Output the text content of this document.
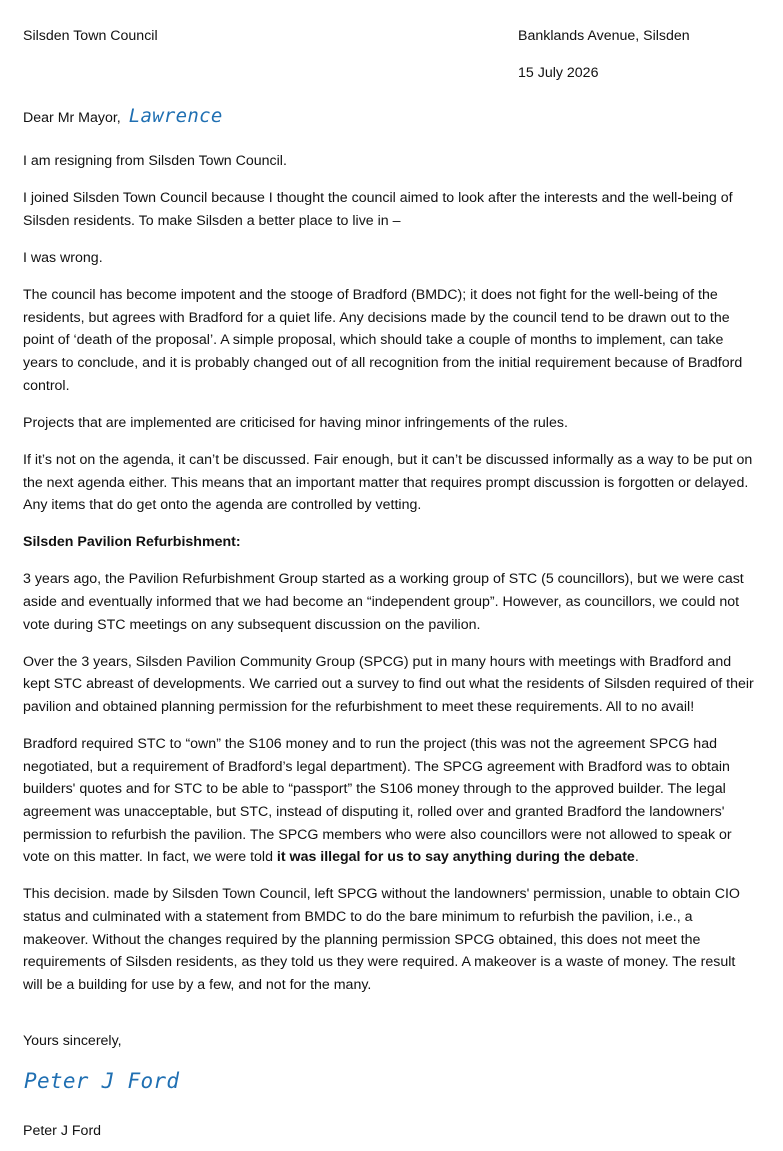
Silsden Town Council	Banklands Avenue, Silsden
15 July 2026
Dear Mr Mayor, Lawrence

I am resigning from Silsden Town Council.

I joined Silsden Town Council because I thought the council aimed to look after the interests and the well-being of Silsden residents. To make Silsden a better place to live in –

I was wrong.

The council has become impotent and the stooge of Bradford (BMDC); it does not fight for the well-being of the residents, but agrees with Bradford for a quiet life. Any decisions made by the council tend to be drawn out to the point of ‘death of the proposal’. A simple proposal, which should take a couple of months to implement, can take years to conclude, and it is probably changed out of all recognition from the initial requirement because of Bradford control.

Projects that are implemented are criticised for having minor infringements of the rules.

If it’s not on the agenda, it can’t be discussed. Fair enough, but it can’t be discussed informally as a way to be put on the next agenda either. This means that an important matter that requires prompt discussion is forgotten or delayed. Any items that do get onto the agenda are controlled by vetting.

Silsden Pavilion Refurbishment:

3 years ago, the Pavilion Refurbishment Group started as a working group of STC (5 councillors), but we were cast aside and eventually informed that we had become an “independent group”. However, as councillors, we could not vote during STC meetings on any subsequent discussion on the pavilion.

Over the 3 years, Silsden Pavilion Community Group (SPCG) put in many hours with meetings with Bradford and kept STC abreast of developments. We carried out a survey to find out what the residents of Silsden required of their pavilion and obtained planning permission for the refurbishment to meet these requirements. All to no avail!

Bradford required STC to “own” the S106 money and to run the project (this was not the agreement SPCG had negotiated, but a requirement of Bradford’s legal department). The SPCG agreement with Bradford was to obtain builders' quotes and for STC to be able to “passport” the S106 money through to the approved builder. The legal agreement was unacceptable, but STC, instead of disputing it, rolled over and granted Bradford the landowners' permission to refurbish the pavilion. The SPCG members who were also councillors were not allowed to speak or vote on this matter. In fact, we were told it was illegal for us to say anything during the debate.

This decision. made by Silsden Town Council, left SPCG without the landowners' permission, unable to obtain CIO status and culminated with a statement from BMDC to do the bare minimum to refurbish the pavilion, i.e., a makeover. Without the changes required by the planning permission SPCG obtained, this does not meet the requirements of Silsden residents, as they told us they were required. A makeover is a waste of money. The result will be a building for use by a few, and not for the many.

Yours sincerely,
Peter J Ford
Peter J Ford
